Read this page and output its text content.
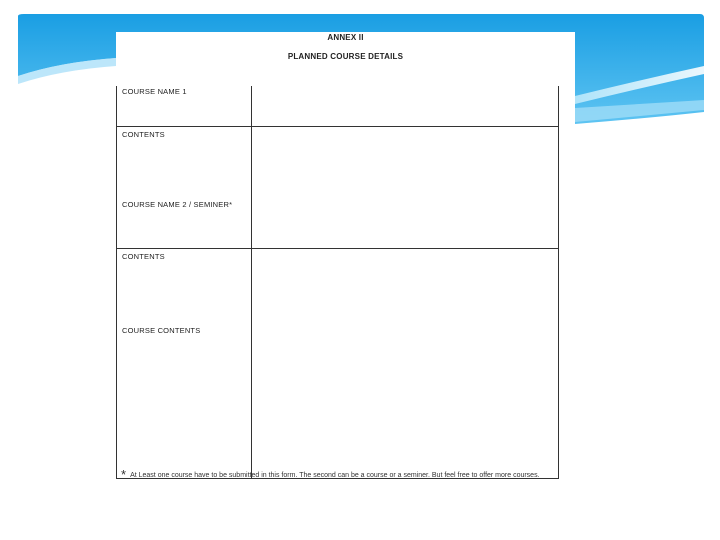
ANNEX II
PLANNED COURSE DETAILS
COURSE NAME 1
CONTENTS
COURSE NAME 2 / SEMINER*
CONTENTS
COURSE CONTENTS
* At Least one course have to be submitted in this form. The second can be a course or a seminer. But feel free to offer more courses.
